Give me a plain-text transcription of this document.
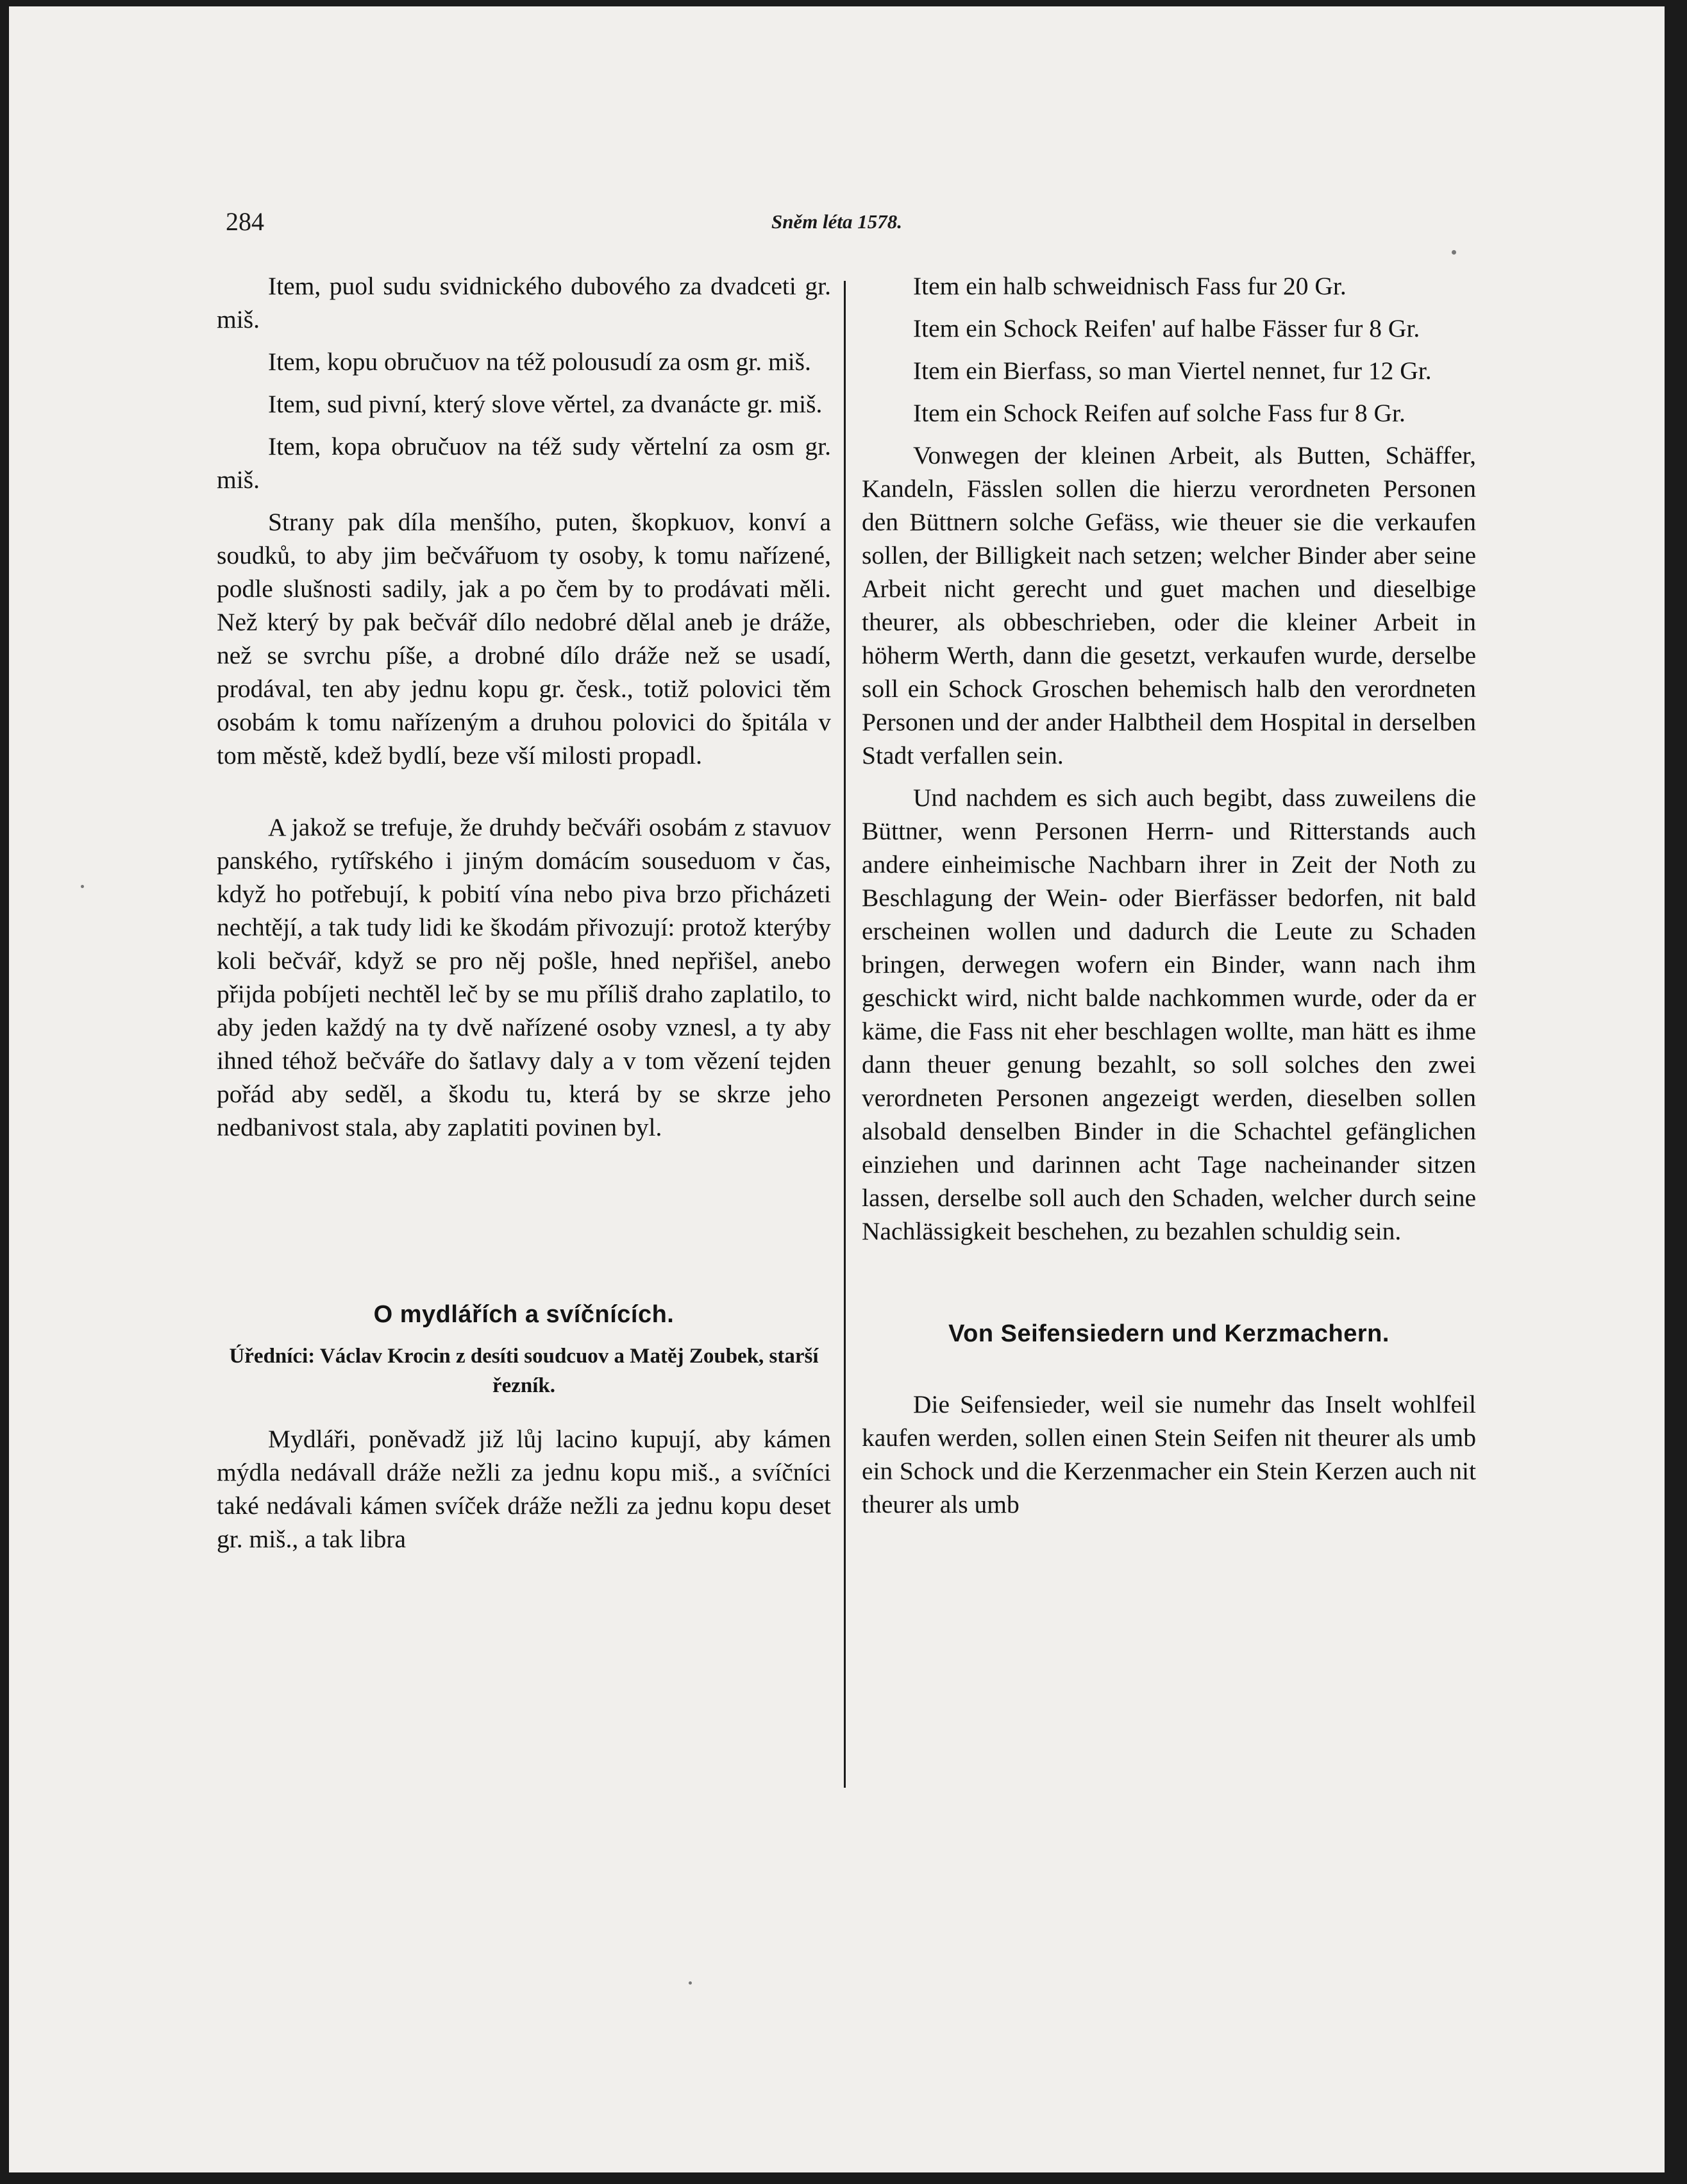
284	Sněm léta 1578.

Item, puol sudu svidnického dubového za dvadceti gr. miš.

Item, kopu obručuov na též polousudí za osm gr. miš.

Item, sud pivní, který slove věrtel, za dvanácte gr. miš.

Item, kopa obručuov na též sudy věrtelní za osm gr. miš.

Strany pak díla menšího, puten, škopkuov, konví a soudků, to aby jim bečvářuom ty osoby, k tomu nařízené, podle slušnosti sadily, jak a po čem by to prodávati měli. Než který by pak bečvář dílo nedobré dělal aneb je dráže, než se svrchu píše, a drobné dílo dráže než se usadí, prodával, ten aby jednu kopu gr. česk., totiž polovici těm osobám k tomu nařízeným a druhou polovici do špitála v tom městě, kdež bydlí, beze vší milosti propadl.

A jakož se trefuje, že druhdy bečváři osobám z stavuov panského, rytířského i jiným domácím souseduom v čas, když ho potřebují, k pobití vína nebo piva brzo přicházeti nechtějí, a tak tudy lidi ke škodám přivozují: protož kterýby koli bečvář, když se pro něj pošle, hned nepřišel, anebo přijda pobíjeti nechtěl leč by se mu příliš draho zaplatilo, to aby jeden každý na ty dvě nařízené osoby vznesl, a ty aby ihned téhož bečváře do šatlavy daly a v tom vězení tejden pořád aby seděl, a škodu tu, která by se skrze jeho nedbanivost stala, aby zaplatiti povinen byl.

O mydlářích a svíčnících.
Úředníci: Václav Krocin z desíti soudcuov a Matěj Zoubek, starší řezník.

Mydláři, poněvadž již lůj lacino kupují, aby kámen mýdla nedávall dráže nežli za jednu kopu miš., a svíčníci také nedávali kámen svíček dráže nežli za jednu kopu deset gr. miš., a tak libra

Item ein halb schweidnisch Fass fur 20 Gr.

Item ein Schock Reifen' auf halbe Fässer fur 8 Gr.

Item ein Bierfass, so man Viertel nennet, fur 12 Gr.

Item ein Schock Reifen auf solche Fass fur 8 Gr.

Vonwegen der kleinen Arbeit, als Butten, Schäffer, Kandeln, Fässlen sollen die hierzu verordneten Personen den Büttnern solche Gefäss, wie theuer sie die verkaufen sollen, der Billigkeit nach setzen; welcher Binder aber seine Arbeit nicht gerecht und guet machen und dieselbige theurer, als obbeschrieben, oder die kleiner Arbeit in höherm Werth, dann die gesetzt, verkaufen wurde, derselbe soll ein Schock Groschen behemisch halb den verordneten Personen und der ander Halbtheil dem Hospital in derselben Stadt verfallen sein.

Und nachdem es sich auch begibt, dass zuweilens die Büttner, wenn Personen Herrn- und Ritterstands auch andere einheimische Nachbarn ihrer in Zeit der Noth zu Beschlagung der Wein- oder Bierfässer bedorfen, nit bald erscheinen wollen und dadurch die Leute zu Schaden bringen, derwegen wofern ein Binder, wann nach ihm geschickt wird, nicht balde nachkommen wurde, oder da er käme, die Fass nit eher beschlagen wollte, man hätt es ihme dann theuer genung bezahlt, so soll solches den zwei verordneten Personen angezeigt werden, dieselben sollen alsobald denselben Binder in die Schachtel gefänglichen einziehen und darinnen acht Tage nacheinander sitzen lassen, derselbe soll auch den Schaden, welcher durch seine Nachlässigkeit beschehen, zu bezahlen schuldig sein.

Von Seifensiedern und Kerzmachern.

Die Seifensieder, weil sie numehr das Inselt wohlfeil kaufen werden, sollen einen Stein Seifen nit theurer als umb ein Schock und die Kerzenmacher ein Stein Kerzen auch nit theurer als umb
